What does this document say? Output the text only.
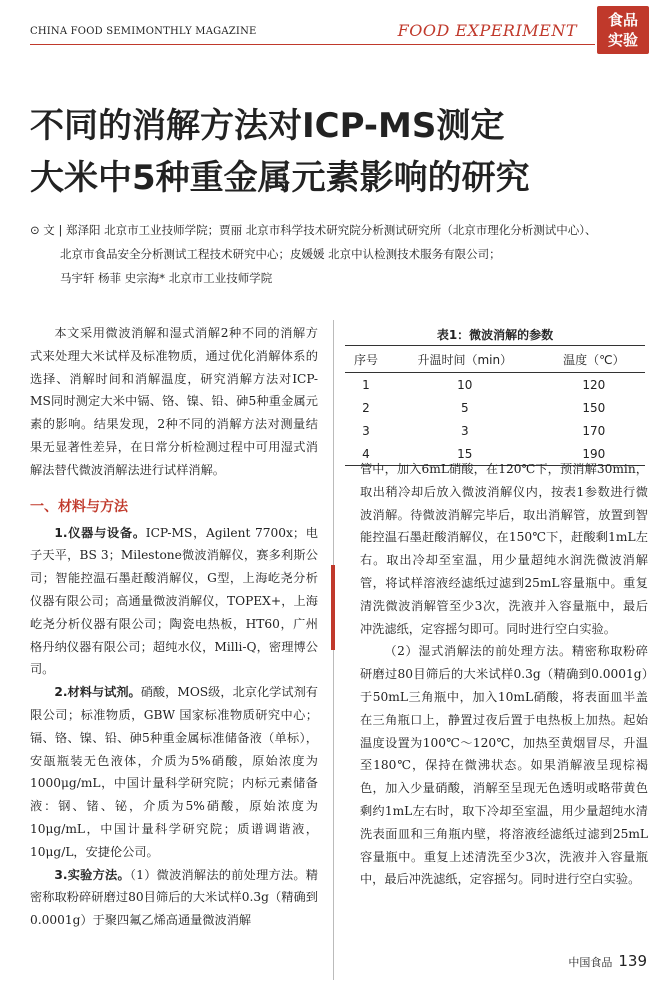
CHINA FOOD SEMIMONTHLY MAGAZINE	FOOD EXPERIMENT
食品
实验
不同的消解方法对ICP-MS测定
大米中5种重金属元素影响的研究
⊙ 文 | 郑泽阳 北京市工业技师学院；贾丽 北京市科学技术研究院分析测试研究所（北京市理化分析测试中心）、
北京市食品安全分析测试工程技术研究中心；皮媛媛 北京中认检测技术服务有限公司；
马宇轩 杨菲 史宗海* 北京市工业技师学院

本文采用微波消解和湿式消解2种不同的消解方式来处理大米试样及标准物质，通过优化消解体系的选择、消解时间和消解温度，研究消解方法对ICP-MS同时测定大米中镉、铬、镍、铅、砷5种重金属元素的影响。结果发现，2种不同的消解方法对测量结果无显著性差异，在日常分析检测过程中可用湿式消解法替代微波消解法进行试样消解。

一、材料与方法

1.仪器与设备。ICP-MS，Agilent 7700x；电子天平，BS 3；Milestone微波消解仪，赛多利斯公司；智能控温石墨赶酸消解仪，G型，上海屹尧分析仪器有限公司；高通量微波消解仪，TOPEX+，上海屹尧分析仪器有限公司；陶瓷电热板，HT60，广州格丹纳仪器有限公司；超纯水仪，Milli-Q，密理博公司。

2.材料与试剂。硝酸，MOS级，北京化学试剂有限公司；标准物质，GBW 国家标准物质研究中心；镉、铬、镍、铅、砷5种重金属标准储备液（单标），安瓿瓶装无色液体，介质为5%硝酸，原始浓度为1000μg/mL，中国计量科学研究院；内标元素储备液：钢、锗、铋，介质为5%硝酸，原始浓度为10μg/mL，中国计量科学研究院；质谱调谐液，10μg/L，安捷伦公司。

3.实验方法。（1）微波消解法的前处理方法。精密称取粉碎研磨过80目筛后的大米试样0.3g（精确到0.0001g）于聚四氟乙烯高通量微波消解

表1：微波消解的参数
序号	升温时间（min）	温度（℃）
1	10	120
2	5	150
3	3	170
4	15	190

管中，加入6mL硝酸，在120℃下，预消解30min，取出稍冷却后放入微波消解仪内，按表1参数进行微波消解。待微波消解完毕后，取出消解管，放置到智能控温石墨赶酸消解仪，在150℃下，赶酸剩1mL左右。取出冷却至室温，用少量超纯水润洗微波消解管，将试样溶液经滤纸过滤到25mL容量瓶中。重复清洗微波消解管至少3次，洗液并入容量瓶中，最后冲洗滤纸，定容摇匀即可。同时进行空白实验。

（2）湿式消解法的前处理方法。精密称取粉碎研磨过80目筛后的大米试样0.3g（精确到0.0001g）于50mL三角瓶中，加入10mL硝酸，将表面皿半盖在三角瓶口上，静置过夜后置于电热板上加热。起始温度设置为100℃～120℃，加热至黄烟冒尽，升温至180℃，保持在微沸状态。如果消解液呈现棕褐色，加入少量硝酸，消解至呈现无色透明或略带黄色剩约1mL左右时，取下冷却至室温，用少量超纯水清洗表面皿和三角瓶内壁，将溶液经滤纸过滤到25mL容量瓶中。重复上述清洗至少3次，洗液并入容量瓶中，最后冲洗滤纸，定容摇匀。同时进行空白实验。

中国食品 139
